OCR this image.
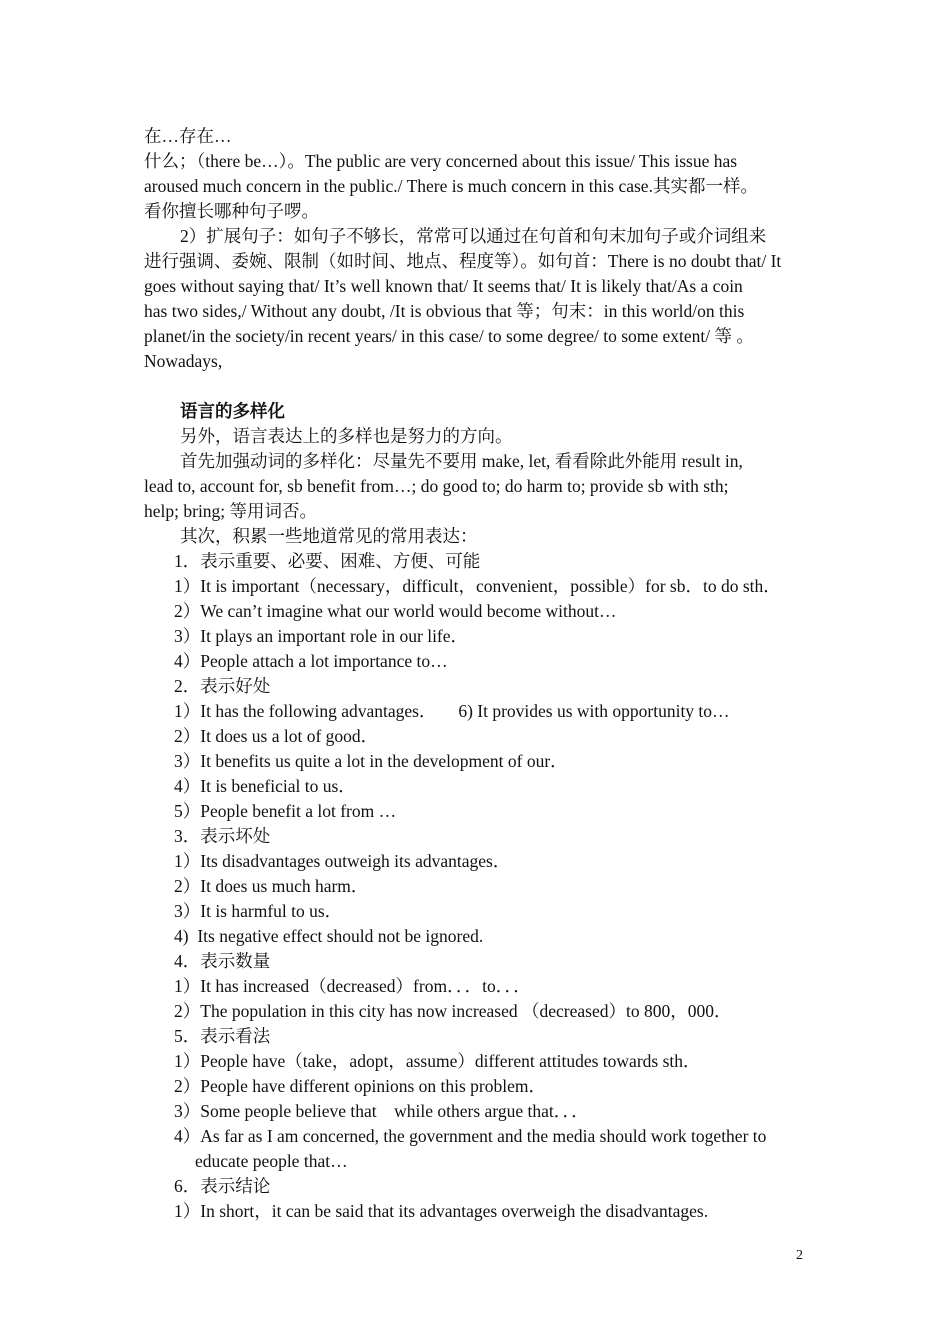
在…存在…
什么；（there be…）。The public are very concerned about this issue/ This issue has
aroused much concern in the public./ There is much concern in this case.其实都一样。
看你擅长哪种句子啰。
2）扩展句子：如句子不够长，常常可以通过在句首和句末加句子或介词组来
进行强调、委婉、限制（如时间、地点、程度等）。如句首：There is no doubt that/ It
goes without saying that/ It’s well known that/ It seems that/ It is likely that/As a coin
has two sides,/ Without any doubt, /It is obvious that 等；句末：in this world/on this
planet/in the society/in recent years/ in this case/ to some degree/ to some extent/ 等 。
Nowadays,
语言的多样化
另外，语言表达上的多样也是努力的方向。
首先加强动词的多样化：尽量先不要用 make, let, 看看除此外能用 result in,
lead to, account for, sb benefit from…; do good to; do harm to; provide sb with sth;
help; bring; 等用词否。
其次，积累一些地道常见的常用表达：
1．表示重要、必要、困难、方便、可能
1）It is important（necessary，difficult，convenient，possible）for sb．to do sth．
2）We can’t imagine what our world would become without…
3）It plays an important role in our life．
4）People attach a lot importance to…
2．表示好处
1）It has the following advantages．     6) It provides us with opportunity to…
2）It does us a lot of good．
3）It benefits us quite a lot in the development of our．
4）It is beneficial to us．
5）People benefit a lot from …
3．表示坏处
1）Its disadvantages outweigh its advantages．
2）It does us much harm．
3）It is harmful to us．
4)  Its negative effect should not be ignored.
4．表示数量
1）It has increased（decreased）from．．．to．．．
2）The population in this city has now increased （decreased）to 800，000．
5．表示看法
1）People have（take，adopt，assume）different attitudes towards sth．
2）People have different opinions on this problem．
3）Some people believe that    while others argue that．．．
4）As far as I am concerned, the government and the media should work together to
educate people that…
6．表示结论
1）In short，it can be said that its advantages overweigh the disadvantages.
2
